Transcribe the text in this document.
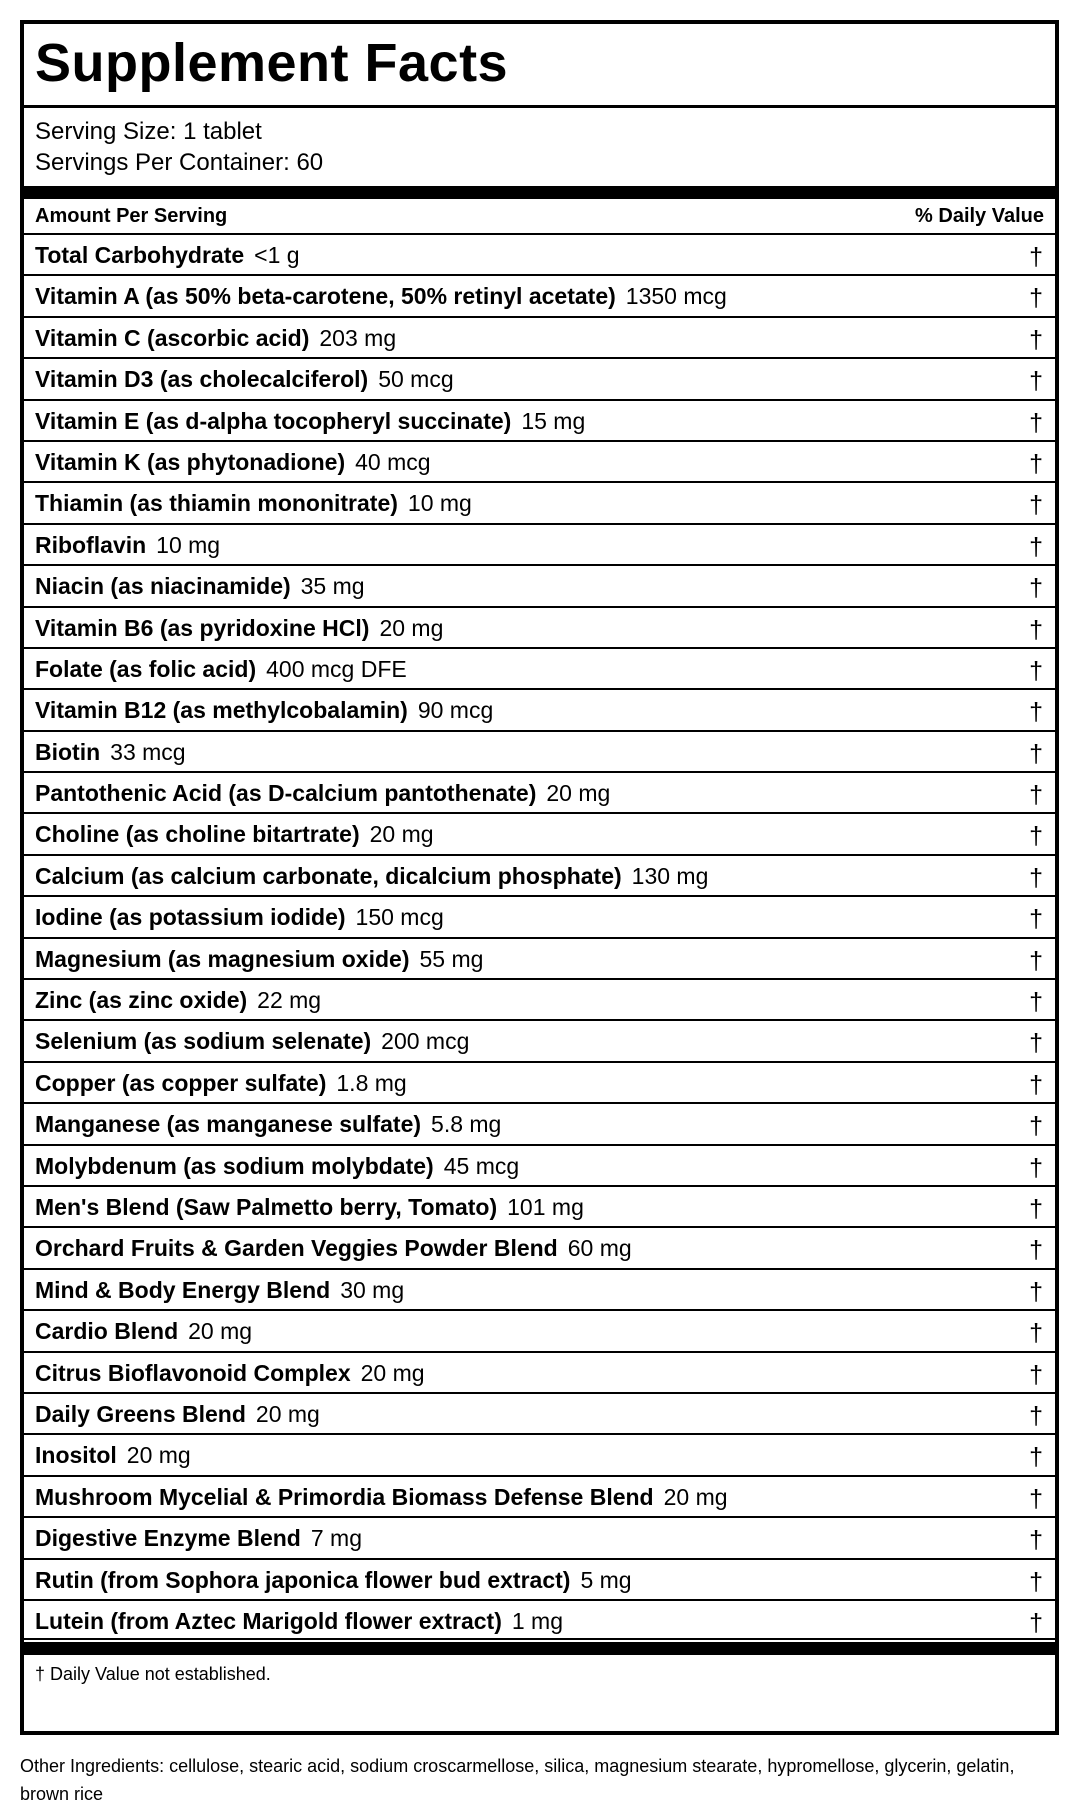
Supplement Facts
Serving Size: 1 tablet
Servings Per Container: 60
Amount Per Serving	% Daily Value
Total Carbohydrate <1 g	†
Vitamin A (as 50% beta-carotene, 50% retinyl acetate) 1350 mcg	†
Vitamin C (ascorbic acid) 203 mg	†
Vitamin D3 (as cholecalciferol) 50 mcg	†
Vitamin E (as d-alpha tocopheryl succinate) 15 mg	†
Vitamin K (as phytonadione) 40 mcg	†
Thiamin (as thiamin mononitrate) 10 mg	†
Riboflavin 10 mg	†
Niacin (as niacinamide) 35 mg	†
Vitamin B6 (as pyridoxine HCl) 20 mg	†
Folate (as folic acid) 400 mcg DFE	†
Vitamin B12 (as methylcobalamin) 90 mcg	†
Biotin 33 mcg	†
Pantothenic Acid (as D-calcium pantothenate) 20 mg	†
Choline (as choline bitartrate) 20 mg	†
Calcium (as calcium carbonate, dicalcium phosphate) 130 mg	†
Iodine (as potassium iodide) 150 mcg	†
Magnesium (as magnesium oxide) 55 mg	†
Zinc (as zinc oxide) 22 mg	†
Selenium (as sodium selenate) 200 mcg	†
Copper (as copper sulfate) 1.8 mg	†
Manganese (as manganese sulfate) 5.8 mg	†
Molybdenum (as sodium molybdate) 45 mcg	†
Men's Blend (Saw Palmetto berry, Tomato) 101 mg	†
Orchard Fruits & Garden Veggies Powder Blend 60 mg	†
Mind & Body Energy Blend 30 mg	†
Cardio Blend 20 mg	†
Citrus Bioflavonoid Complex 20 mg	†
Daily Greens Blend 20 mg	†
Inositol 20 mg	†
Mushroom Mycelial & Primordia Biomass Defense Blend 20 mg	†
Digestive Enzyme Blend 7 mg	†
Rutin (from Sophora japonica flower bud extract) 5 mg	†
Lutein (from Aztec Marigold flower extract) 1 mg	†
† Daily Value not established.
Other Ingredients: cellulose, stearic acid, sodium croscarmellose, silica, magnesium stearate, hypromellose, glycerin, gelatin, brown rice
